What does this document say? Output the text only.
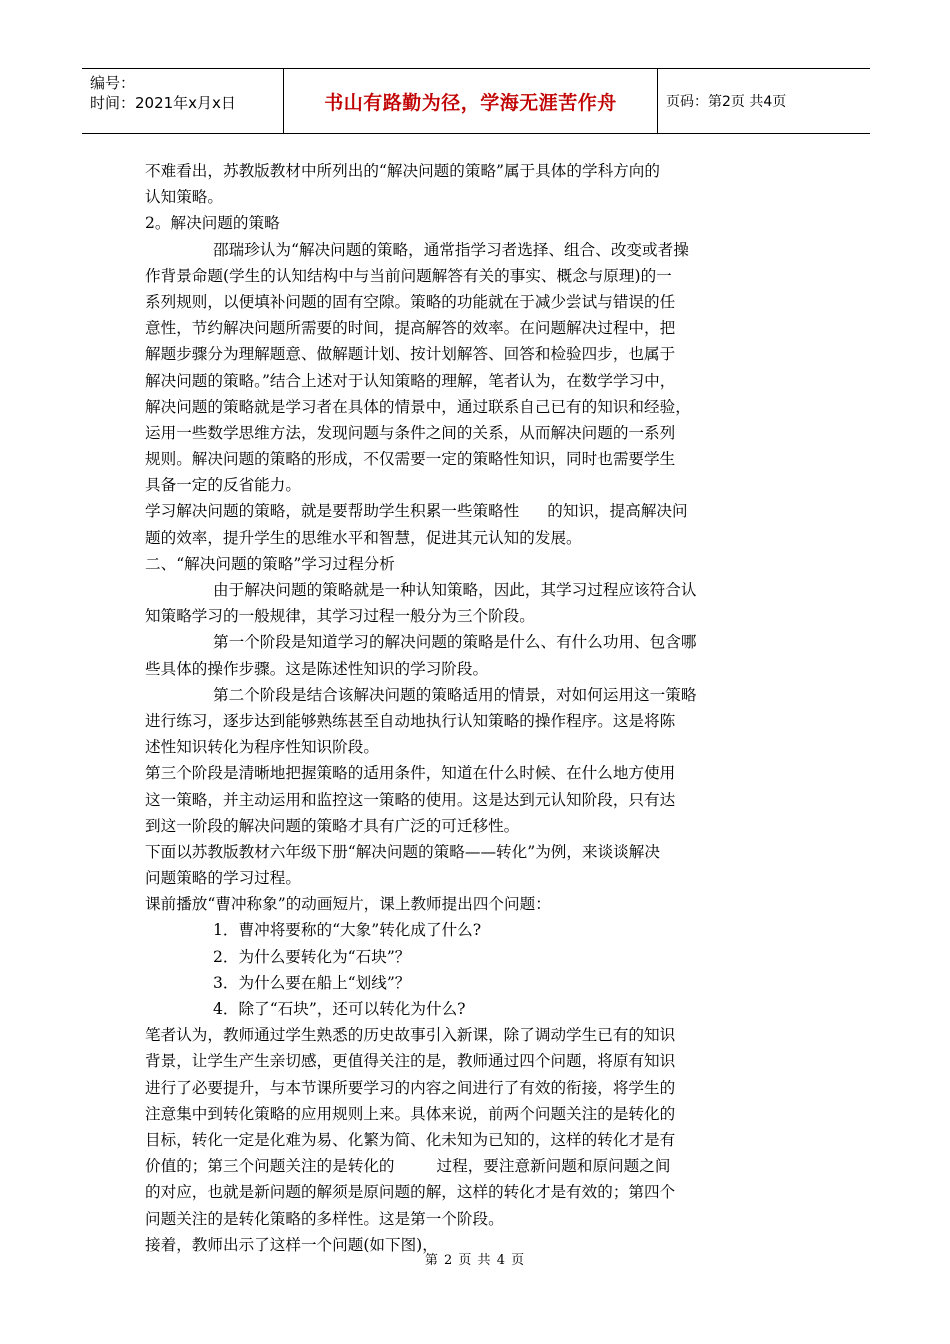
编号：
时间：2021年x月x日	书山有路勤为径，学海无涯苦作舟	页码：第2页 共4页
不难看出，苏教版教材中所列出的“解决问题的策略”属于具体的学科方向的
认知策略。
2。解决问题的策略
邵瑞珍认为“解决问题的策略，通常指学习者选择、组合、改变或者操
作背景命题(学生的认知结构中与当前问题解答有关的事实、概念与原理)的一
系列规则，以便填补问题的固有空隙。策略的功能就在于减少尝试与错误的任
意性，节约解决问题所需要的时间，提高解答的效率。在问题解决过程中，把
解题步骤分为理解题意、做解题计划、按计划解答、回答和检验四步，也属于
解决问题的策略。”结合上述对于认知策略的理解，笔者认为，在数学学习中，
解决问题的策略就是学习者在具体的情景中，通过联系自己已有的知识和经验，
运用一些数学思维方法，发现问题与条件之间的关系，从而解决问题的一系列
规则。解决问题的策略的形成，不仅需要一定的策略性知识，同时也需要学生
具备一定的反省能力。
学习解决问题的策略，就是要帮助学生积累一些策略性 的知识，提高解决问
题的效率，提升学生的思维水平和智慧，促进其元认知的发展。
二、“解决问题的策略”学习过程分析
由于解决问题的策略就是一种认知策略，因此，其学习过程应该符合认
知策略学习的一般规律，其学习过程一般分为三个阶段。
第一个阶段是知道学习的解决问题的策略是什么、有什么功用、包含哪
些具体的操作步骤。这是陈述性知识的学习阶段。
第二个阶段是结合该解决问题的策略适用的情景，对如何运用这一策略
进行练习，逐步达到能够熟练甚至自动地执行认知策略的操作程序。这是将陈
述性知识转化为程序性知识阶段。
第三个阶段是清晰地把握策略的适用条件，知道在什么时候、在什么地方使用
这一策略，并主动运用和监控这一策略的使用。这是达到元认知阶段，只有达
到这一阶段的解决问题的策略才具有广泛的可迁移性。
下面以苏教版教材六年级下册“解决问题的策略——转化”为例，来谈谈解决
问题策略的学习过程。
课前播放“曹冲称象”的动画短片，课上教师提出四个问题：
1．曹冲将要称的“大象”转化成了什么?
2．为什么要转化为“石块”？
3．为什么要在船上“划线”？
4．除了“石块”，还可以转化为什么?
笔者认为，教师通过学生熟悉的历史故事引入新课，除了调动学生已有的知识
背景，让学生产生亲切感，更值得关注的是，教师通过四个问题，将原有知识
进行了必要提升，与本节课所要学习的内容之间进行了有效的衔接，将学生的
注意集中到转化策略的应用规则上来。具体来说，前两个问题关注的是转化的
目标，转化一定是化难为易、化繁为简、化未知为已知的，这样的转化才是有
价值的；第三个问题关注的是转化的	过程，要注意新问题和原问题之间
的对应，也就是新问题的解须是原问题的解，这样的转化才是有效的；第四个
问题关注的是转化策略的多样性。这是第一个阶段。
接着，教师出示了这样一个问题(如下图)，
第 2 页 共 4 页
